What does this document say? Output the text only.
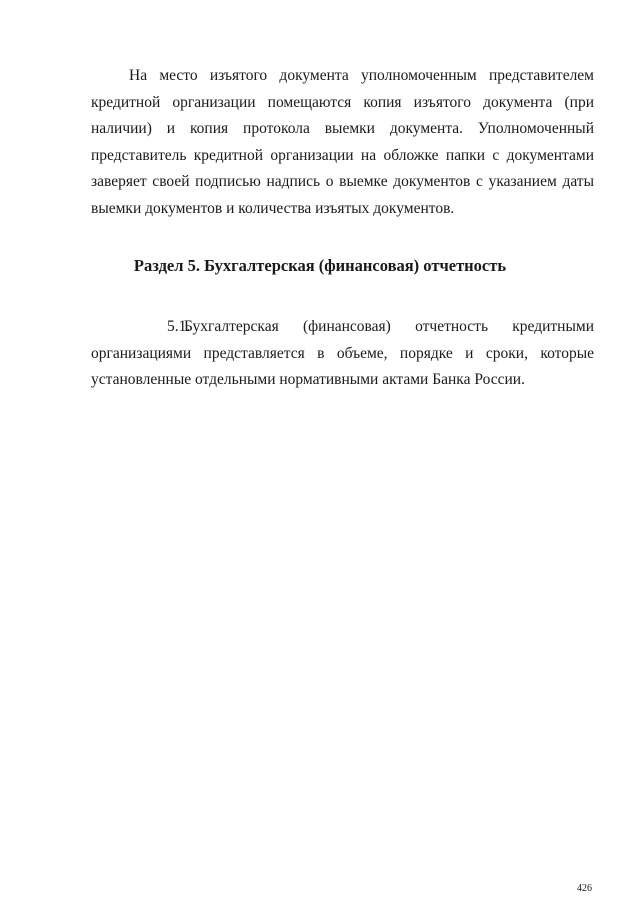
На место изъятого документа уполномоченным представителем кредитной организации помещаются копия изъятого документа (при наличии) и копия протокола выемки документа. Уполномоченный представитель кредитной организации на обложке папки с документами заверяет своей подписью надпись о выемке документов с указанием даты выемки документов и количества изъятых документов.

Раздел 5. Бухгалтерская (финансовая) отчетность

5.1.Бухгалтерская (финансовая) отчетность кредитными организациями представляется в объеме, порядке и сроки, которые установленные отдельными нормативными актами Банка России.

426
